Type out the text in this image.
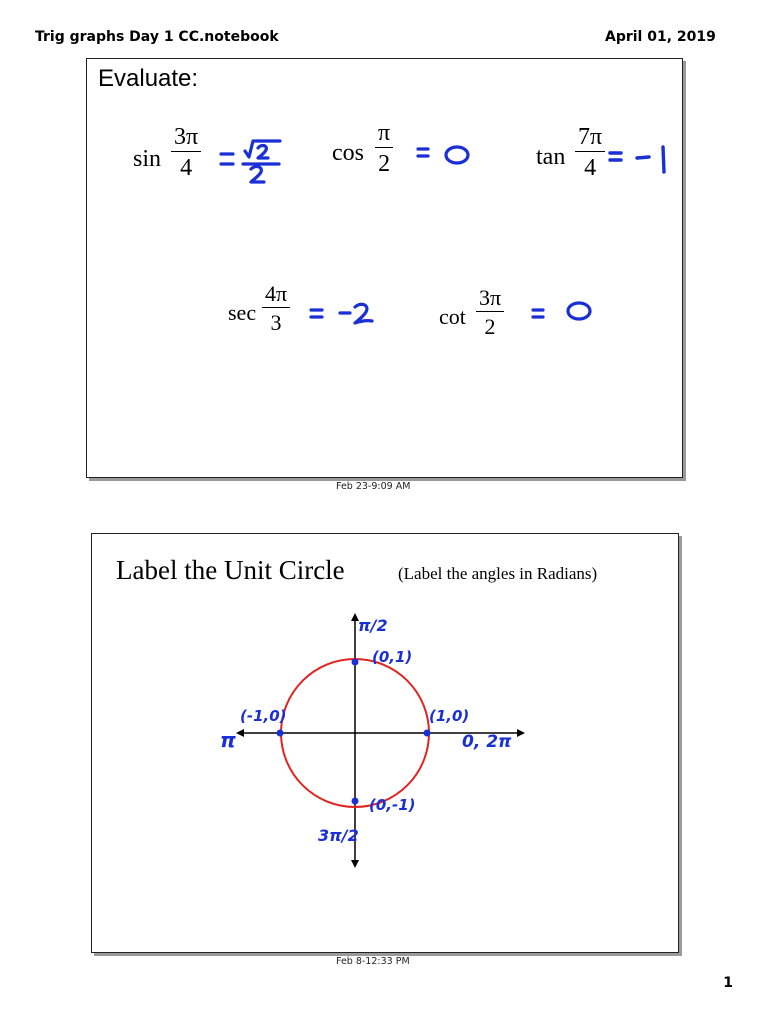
Trig graphs Day 1 CC.notebook	April 01, 2019
Evaluate:
$\sin \frac{3\pi}{4}$	$\cos \frac{\pi}{2}$	$\tan \frac{7\pi}{4}$
$\sec \frac{4\pi}{3}$	$\cot \frac{3\pi}{2}$
Feb 23-9:09 AM
Label the Unit Circle	(Label the angles in Radians)
π/2
(0,1)
(1,0)
0, 2π
(-1,0)
π
(0,-1)
3π/2
Feb 8-12:33 PM
1
